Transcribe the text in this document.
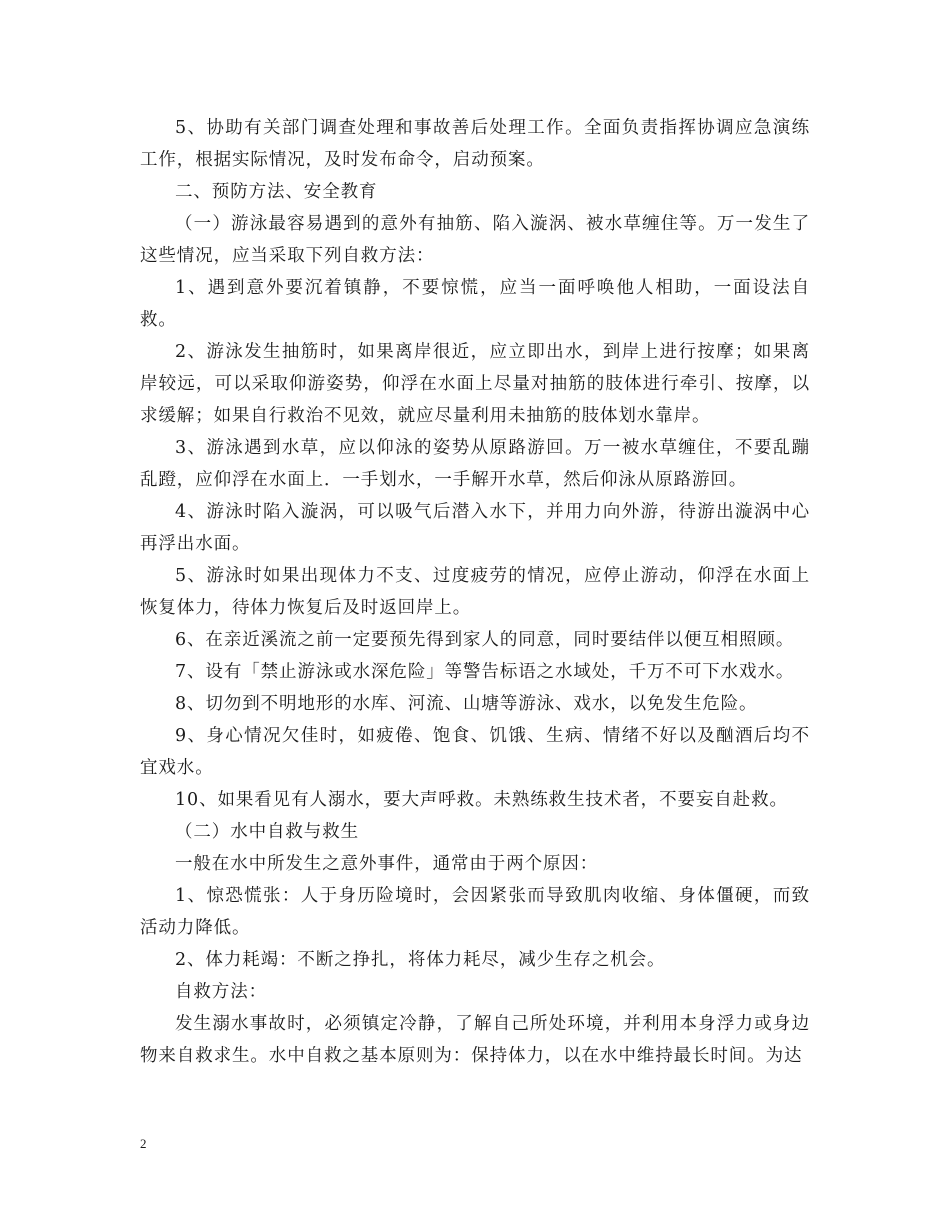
5、协助有关部门调查处理和事故善后处理工作。全面负责指挥协调应急演练工作，根据实际情况，及时发布命令，启动预案。

二、预防方法、安全教育

（一）游泳最容易遇到的意外有抽筋、陷入漩涡、被水草缠住等。万一发生了这些情况，应当采取下列自救方法：

1、遇到意外要沉着镇静，不要惊慌，应当一面呼唤他人相助，一面设法自救。

2、游泳发生抽筋时，如果离岸很近，应立即出水，到岸上进行按摩；如果离岸较远，可以采取仰游姿势，仰浮在水面上尽量对抽筋的肢体进行牵引、按摩，以求缓解；如果自行救治不见效，就应尽量利用未抽筋的肢体划水靠岸。

3、游泳遇到水草，应以仰泳的姿势从原路游回。万一被水草缠住，不要乱蹦乱蹬，应仰浮在水面上．一手划水，一手解开水草，然后仰泳从原路游回。

4、游泳时陷入漩涡，可以吸气后潜入水下，并用力向外游，待游出漩涡中心再浮出水面。

5、游泳时如果出现体力不支、过度疲劳的情况，应停止游动，仰浮在水面上恢复体力，待体力恢复后及时返回岸上。

6、在亲近溪流之前一定要预先得到家人的同意，同时要结伴以便互相照顾。

7、设有「禁止游泳或水深危险」等警告标语之水域处，千万不可下水戏水。

8、切勿到不明地形的水库、河流、山塘等游泳、戏水，以免发生危险。

9、身心情况欠佳时，如疲倦、饱食、饥饿、生病、情绪不好以及酗酒后均不宜戏水。

10、如果看见有人溺水，要大声呼救。未熟练救生技术者，不要妄自赴救。

（二）水中自救与救生

一般在水中所发生之意外事件，通常由于两个原因：

1、惊恐慌张：人于身历险境时，会因紧张而导致肌肉收缩、身体僵硬，而致活动力降低。

2、体力耗竭：不断之挣扎，将体力耗尽，减少生存之机会。

自救方法：

发生溺水事故时，必须镇定冷静，了解自己所处环境，并利用本身浮力或身边物来自救求生。水中自救之基本原则为：保持体力，以在水中维持最长时间。为达

2
